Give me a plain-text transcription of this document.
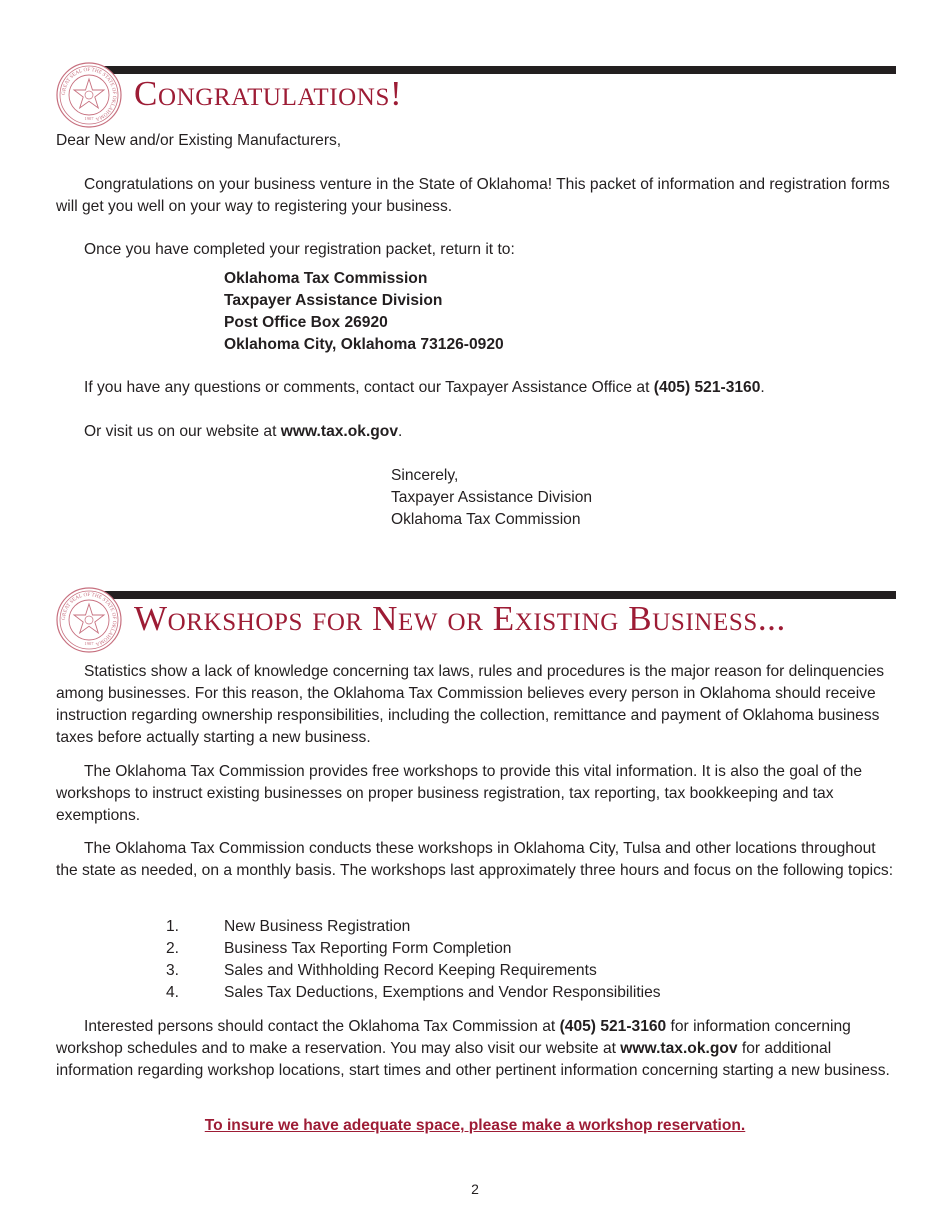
GREAT SEAL OF THE STATE OF OKLAHOMA
1907
Congratulations!
Dear New and/or Existing Manufacturers,
Congratulations on your business venture in the State of Oklahoma! This packet of information and registration forms will get you well on your way to registering your business.
Once you have completed your registration packet, return it to:
Oklahoma Tax Commission
Taxpayer Assistance Division
Post Office Box 26920
Oklahoma City, Oklahoma 73126-0920
If you have any questions or comments, contact our Taxpayer Assistance Office at (405) 521-3160.
Or visit us on our website at www.tax.ok.gov.
Sincerely,
Taxpayer Assistance Division
Oklahoma Tax Commission
GREAT SEAL OF THE STATE OF OKLAHOMA
1907
Workshops for New or Existing Business...
Statistics show a lack of knowledge concerning tax laws, rules and procedures is the major reason for delinquencies among businesses. For this reason, the Oklahoma Tax Commission believes every person in Oklahoma should receive instruction regarding ownership responsibilities, including the collection, remittance and payment of Oklahoma business taxes before actually starting a new business.
The Oklahoma Tax Commission provides free workshops to provide this vital information. It is also the goal of the workshops to instruct existing businesses on proper business registration, tax reporting, tax bookkeeping and tax exemptions.
The Oklahoma Tax Commission conducts these workshops in Oklahoma City, Tulsa and other locations throughout the state as needed, on a monthly basis. The workshops last approximately three hours and focus on the following topics:
1.	New Business Registration
2.	Business Tax Reporting Form Completion
3.	Sales and Withholding Record Keeping Requirements
4.	Sales Tax Deductions, Exemptions and Vendor Responsibilities
Interested persons should contact the Oklahoma Tax Commission at (405) 521-3160 for information concerning workshop schedules and to make a reservation. You may also visit our website at www.tax.ok.gov for additional information regarding workshop locations, start times and other pertinent information concerning starting a new business.
To insure we have adequate space, please make a workshop reservation.
2
